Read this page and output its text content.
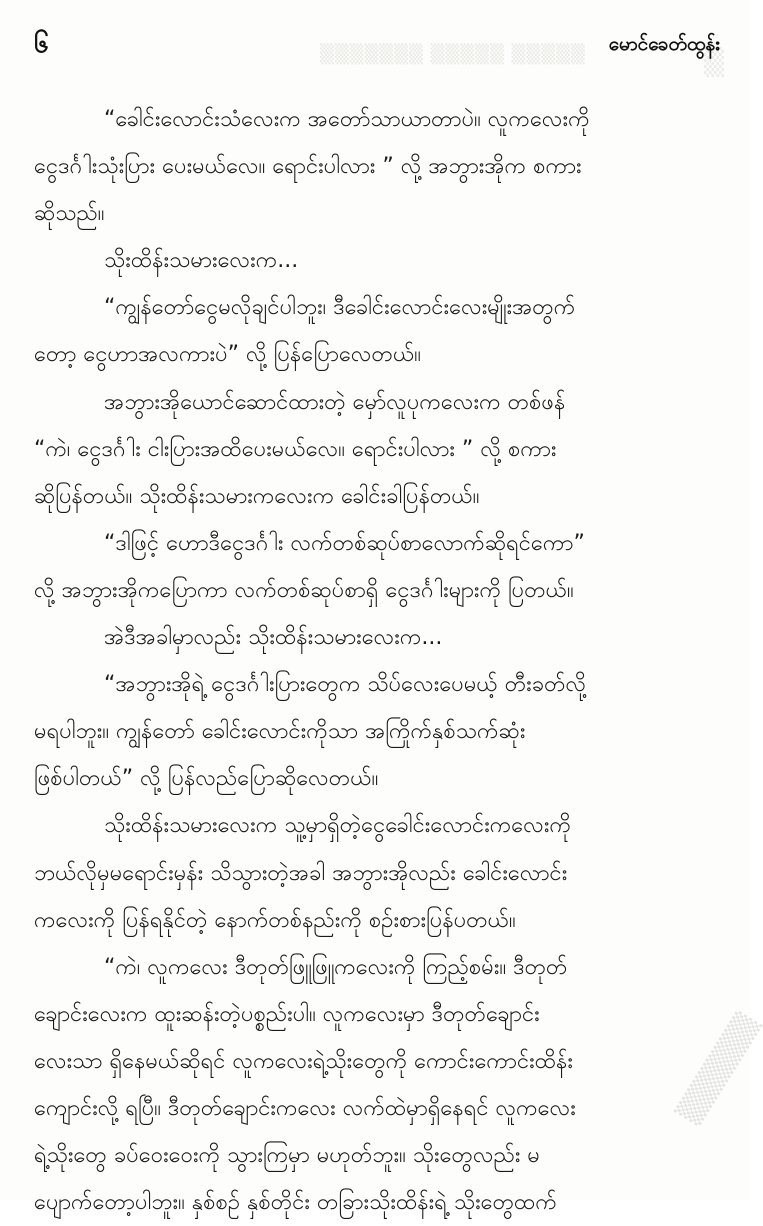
▒▒▒▒▒▒▒ ▒▒▒▒▒ ▒▒▒▒▒	▒
၆	မောင်ခေတ်ထွန်း
“ခေါင်းလောင်းသံလေးက အတော်သာယာတာပဲ။ လူကလေးကို
ငွေဒင်္ဂါးသုံးပြား ပေးမယ်လေ။ ရောင်းပါလား ” လို့ အဘွားအိုက စကား
ဆိုသည်။
သိုးထိန်းသမားလေးက...
“ကျွန်တော်ငွေမလိုချင်ပါဘူး၊ ဒီခေါင်းလောင်းလေးမျိုးအတွက်
တော့ ငွေဟာအလကားပဲ” လို့ ပြန်ပြောလေတယ်။
အဘွားအိုယောင်ဆောင်ထားတဲ့ မှော်လူပုကလေးက တစ်ဖန်
“ကဲ၊ ငွေဒင်္ဂါး ငါးပြားအထိပေးမယ်လေ။ ရောင်းပါလား ” လို့ စကား
ဆိုပြန်တယ်။ သိုးထိန်းသမားကလေးက ခေါင်းခါပြန်တယ်။
“ဒါဖြင့် ဟောဒီငွေဒင်္ဂါး လက်တစ်ဆုပ်စာလောက်ဆိုရင်ကော”
လို့ အဘွားအိုကပြောကာ လက်တစ်ဆုပ်စာရှိ ငွေဒင်္ဂါးများကို ပြတယ်။
အဲဒီအခါမှာလည်း သိုးထိန်းသမားလေးက...
“အဘွားအိုရဲ့ ငွေဒင်္ဂါးပြားတွေက သိပ်လေးပေမယ့် တီးခတ်လို့
မရပါဘူး။ ကျွန်တော် ခေါင်းလောင်းကိုသာ အကြိုက်နှစ်သက်ဆုံး
ဖြစ်ပါတယ်” လို့ ပြန်လည်ပြောဆိုလေတယ်။
သိုးထိန်းသမားလေးက သူ့မှာရှိတဲ့ငွေခေါင်းလောင်းကလေးကို
ဘယ်လိုမှမရောင်းမှန်း သိသွားတဲ့အခါ အဘွားအိုလည်း ခေါင်းလောင်း
ကလေးကို ပြန်ရနိုင်တဲ့ နောက်တစ်နည်းကို စဉ်းစားပြန်ပတယ်။
“ကဲ၊ လူကလေး ဒီတုတ်ဖြူဖြူကလေးကို ကြည့်စမ်း။ ဒီတုတ်
ချောင်းလေးက ထူးဆန်းတဲ့ပစ္စည်းပါ။ လူကလေးမှာ ဒီတုတ်ချောင်း
လေးသာ ရှိနေမယ်ဆိုရင် လူကလေးရဲ့သိုးတွေကို ကောင်းကောင်းထိန်း
ကျောင်းလို့ ရပြီ။ ဒီတုတ်ချောင်းကလေး လက်ထဲမှာရှိနေရင် လူကလေး
ရဲ့သိုးတွေ ခပ်ဝေးဝေးကို သွားကြမှာ မဟုတ်ဘူး။ သိုးတွေလည်း မ
ပျောက်တော့ပါဘူး။ နှစ်စဉ် နှစ်တိုင်း တခြားသိုးထိန်းရဲ့ သိုးတွေထက်
▒▒▒▒▒▒
